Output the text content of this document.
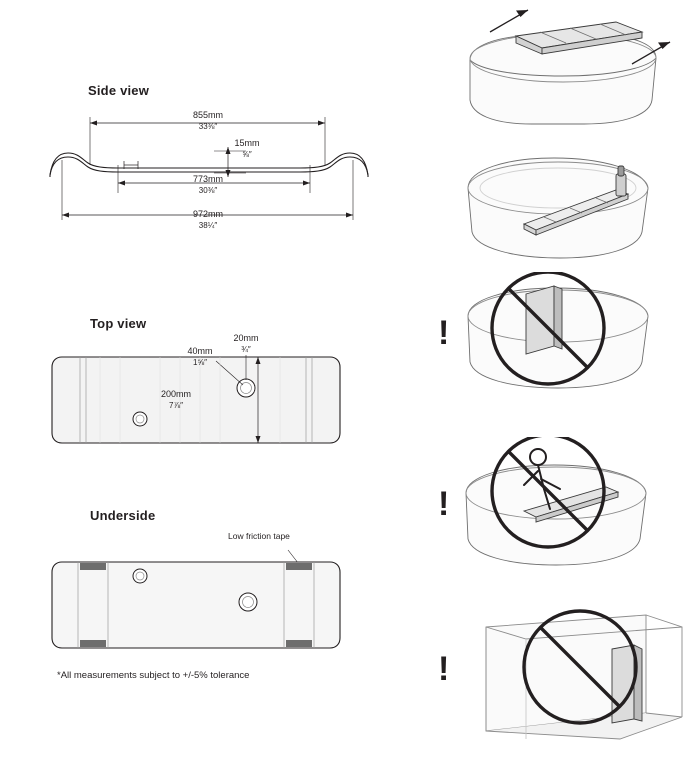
Side view
855mm
33⅜″
15mm
⅝″
773mm
30⅜″
972mm
38¼″
Top view
40mm
1⅝″
20mm
¾″
200mm
7⅞″
Underside
Low friction tape
*All measurements subject to +/-5% tolerance
!
!
!
